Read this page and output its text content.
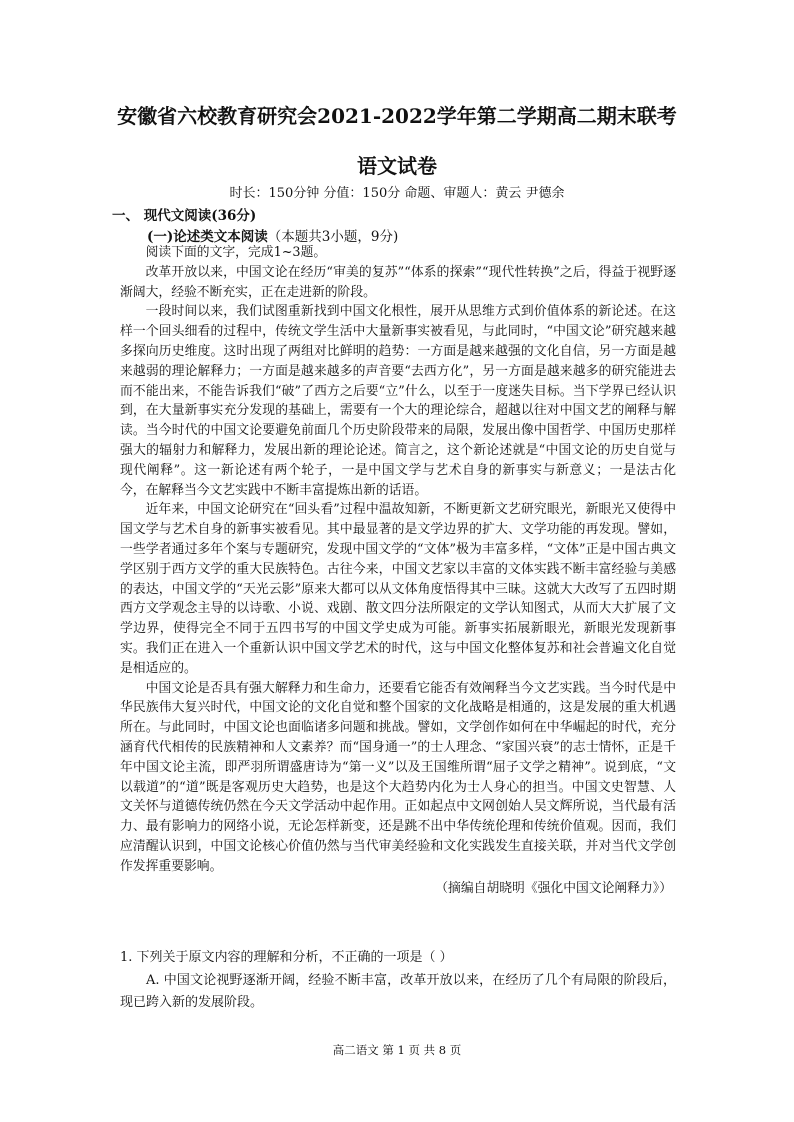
安徽省六校教育研究会2021-2022学年第二学期高二期末联考
语文试卷
时长：150分钟 分值：150分 命题、审题人：黄云 尹德余
一、 现代文阅读(36分)
(一)论述类文本阅读（本题共3小题，9分)

阅读下面的文字，完成1~3题。

改革开放以来，中国文论在经历“审美的复苏”“体系的探索”“现代性转换”之后，得益于视野逐渐阔大，经验不断充实，正在走进新的阶段。

一段时间以来，我们试图重新找到中国文化根性，展开从思维方式到价值体系的新论述。在这样一个回头细看的过程中，传统文学生活中大量新事实被看见，与此同时，“中国文论”研究越来越多探向历史维度。这时出现了两组对比鲜明的趋势：一方面是越来越强的文化自信，另一方面是越来越弱的理论解释力；一方面是越来越多的声音要“去西方化”，另一方面是越来越多的研究能进去而不能出来，不能告诉我们“破”了西方之后要“立”什么，以至于一度迷失目标。当下学界已经认识到，在大量新事实充分发现的基础上，需要有一个大的理论综合，超越以往对中国文艺的阐释与解读。当今时代的中国文论要避免前面几个历史阶段带来的局限，发展出像中国哲学、中国历史那样强大的辐射力和解释力，发展出新的理论论述。简言之，这个新论述就是“中国文论的历史自觉与现代阐释”。这一新论述有两个轮子，一是中国文学与艺术自身的新事实与新意义；一是法古化今，在解释当今文艺实践中不断丰富提炼出新的话语。

近年来，中国文论研究在“回头看”过程中温故知新，不断更新文艺研究眼光，新眼光又使得中国文学与艺术自身的新事实被看见。其中最显著的是文学边界的扩大、文学功能的再发现。譬如，一些学者通过多年个案与专题研究，发现中国文学的“文体”极为丰富多样，“文体”正是中国古典文学区别于西方文学的重大民族特色。古往今来，中国文艺家以丰富的文体实践不断丰富经验与美感的表达，中国文学的“天光云影”原来大都可以从文体角度悟得其中三昧。这就大大改写了五四时期西方文学观念主导的以诗歌、小说、戏剧、散文四分法所限定的文学认知图式，从而大大扩展了文学边界，使得完全不同于五四书写的中国文学史成为可能。新事实拓展新眼光，新眼光发现新事实。我们正在进入一个重新认识中国文学艺术的时代，这与中国文化整体复苏和社会普遍文化自觉是相适应的。

中国文论是否具有强大解释力和生命力，还要看它能否有效阐释当今文艺实践。当今时代是中华民族伟大复兴时代，中国文论的文化自觉和整个国家的文化战略是相通的，这是发展的重大机遇所在。与此同时，中国文论也面临诸多问题和挑战。譬如，文学创作如何在中华崛起的时代，充分涵育代代相传的民族精神和人文素养？而“国身通一”的士人理念、“家国兴衰”的志士情怀，正是千年中国文论主流，即严羽所谓盛唐诗为“第一义”以及王国维所谓“屈子文学之精神”。说到底，“文以载道”的“道”既是客观历史大趋势，也是这个大趋势内化为士人身心的担当。中国文史智慧、人文关怀与道德传统仍然在今天文学活动中起作用。正如起点中文网创始人吴文辉所说，当代最有活力、最有影响力的网络小说，无论怎样新变，还是跳不出中华传统伦理和传统价值观。因而，我们应清醒认识到，中国文论核心价值仍然与当代审美经验和文化实践发生直接关联，并对当代文学创作发挥重要影响。

（摘编自胡晓明《强化中国文论阐释力》）
1. 下列关于原文内容的理解和分析，不正确的一项是（ ）
A. 中国文论视野逐渐开阔，经验不断丰富，改革开放以来，在经历了几个有局限的阶段后，现已跨入新的发展阶段。
高二语文 第 1 页 共 8 页
